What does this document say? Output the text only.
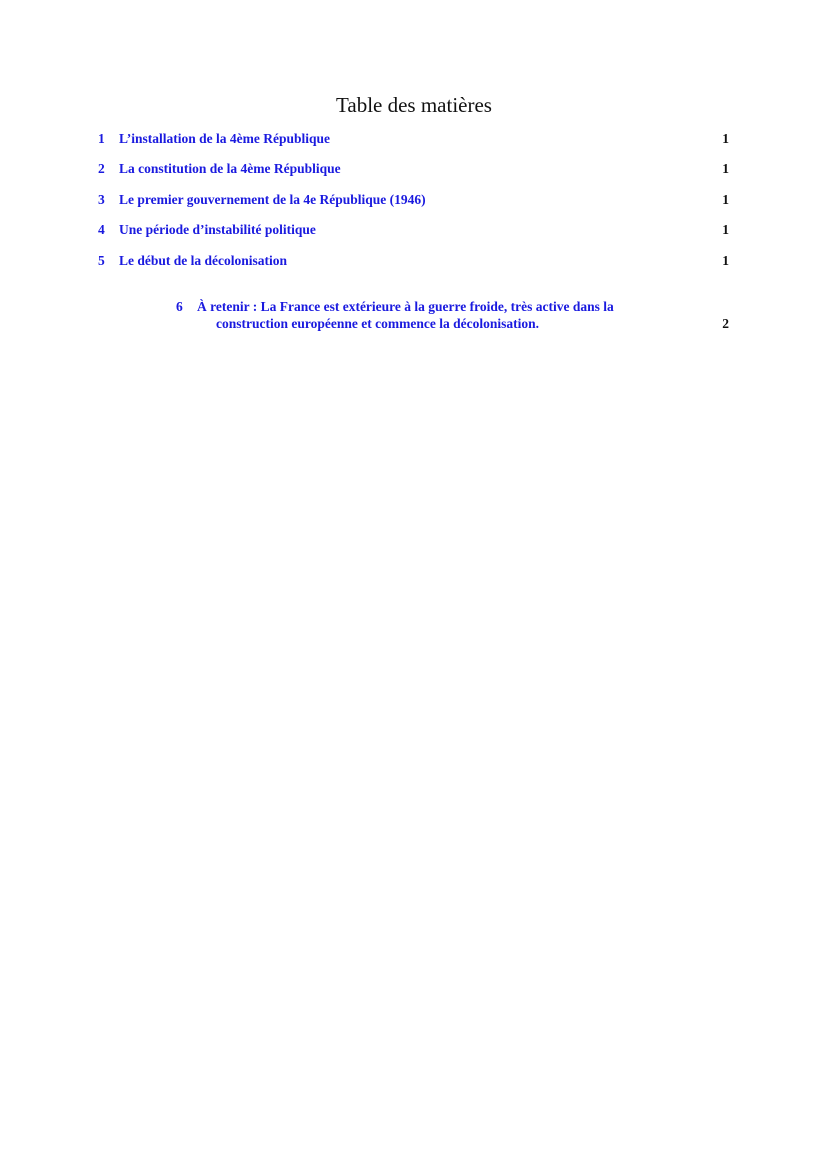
Table des matières
1 L’installation de la 4ème République	1
2 La constitution de la 4ème République	1
3 Le premier gouvernement de la 4e République (1946)	1
4 Une période d’instabilité politique	1
5 Le début de la décolonisation	1
6 À retenir : La France est extérieure à la guerre froide, très active dans la
construction européenne et commence la décolonisation.	2
